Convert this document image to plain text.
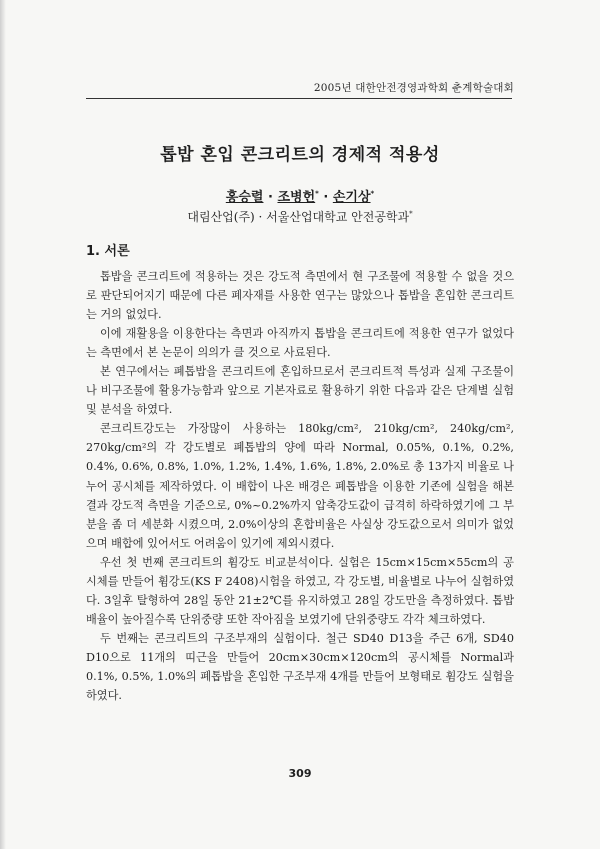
2005년 대한안전경영과학회 춘계학술대회
톱밥 혼입 콘크리트의 경제적 적용성
홍승렬 · 조병헌* · 손기상*
대림산업(주) · 서울산업대학교 안전공학과*
1. 서론

톱밥을 콘크리트에 적용하는 것은 강도적 측면에서 현 구조물에 적용할 수 없을 것으로 판단되어지기 때문에 다른 폐자재를 사용한 연구는 많았으나 톱밥을 혼입한 콘크리트는 거의 없었다.

이에 재활용을 이용한다는 측면과 아직까지 톱밥을 콘크리트에 적용한 연구가 없었다는 측면에서 본 논문이 의의가 클 것으로 사료된다.

본 연구에서는 폐톱밥을 콘크리트에 혼입하므로서 콘크리트적 특성과 실제 구조물이나 비구조물에 활용가능함과 앞으로 기본자료로 활용하기 위한 다음과 같은 단계별 실험 및 분석을 하였다.

콘크리트강도는 가장많이 사용하는 180kg/cm², 210kg/cm², 240kg/cm², 270kg/cm²의 각 강도별로 폐톱밥의 양에 따라 Normal, 0.05%, 0.1%, 0.2%, 0.4%, 0.6%, 0.8%, 1.0%, 1.2%, 1.4%, 1.6%, 1.8%, 2.0%로 총 13가지 비율로 나누어 공시체를 제작하였다. 이 배합이 나온 배경은 폐톱밥을 이용한 기존에 실험을 해본 결과 강도적 측면을 기준으로, 0%~0.2%까지 압축강도값이 급격히 하락하였기에 그 부분을 좀 더 세분화 시켰으며, 2.0%이상의 혼합비율은 사실상 강도값으로서 의미가 없었으며 배합에 있어서도 어려움이 있기에 제외시켰다.

우선 첫 번째 콘크리트의 휨강도 비교분석이다. 실험은 15cm×15cm×55cm의 공시체를 만들어 휨강도(KS F 2408)시험을 하였고, 각 강도별, 비율별로 나누어 실험하였다. 3일후 탈형하여 28일 동안 21±2℃를 유지하였고 28일 강도만을 측정하였다. 톱밥 배율이 높아질수록 단위중량 또한 작아짐을 보였기에 단위중량도 각각 체크하였다.

두 번째는 콘크리트의 구조부재의 실험이다. 철근 SD40 D13을 주근 6개, SD40 D10으로 11개의 띠근을 만들어 20cm×30cm×120cm의 공시체를 Normal과 0.1%, 0.5%, 1.0%의 폐톱밥을 혼입한 구조부재 4개를 만들어 보형태로 휨강도 실험을 하였다.

309
